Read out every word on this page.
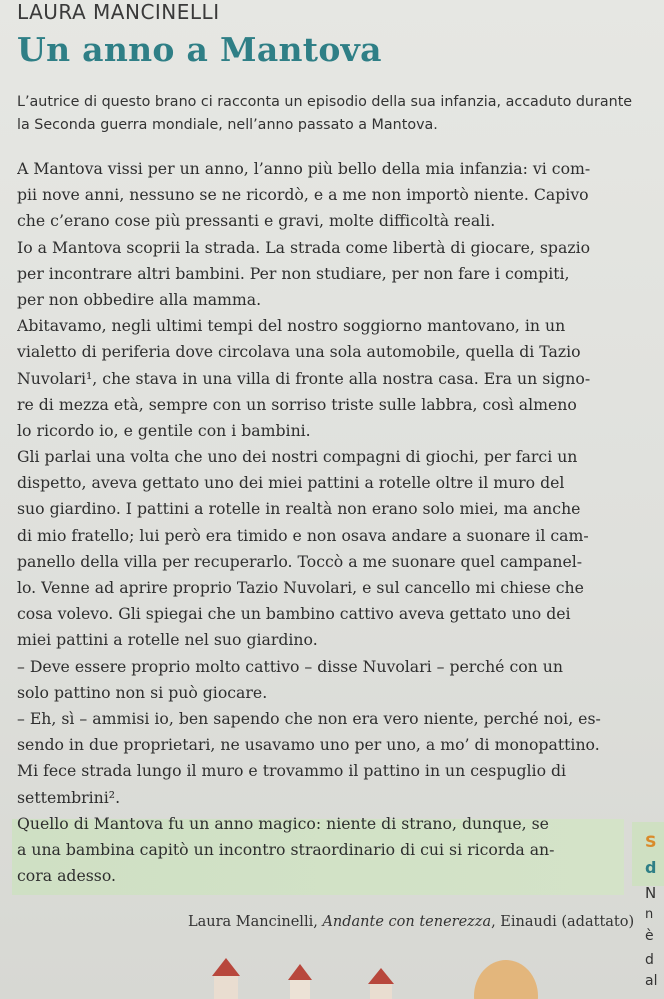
LAURA MANCINELLI
Un anno a Mantova
L’autrice di questo brano ci racconta un episodio della sua infanzia, accaduto durante la Seconda guerra mondiale, nell’anno passato a Mantova.
A Mantova vissi per un anno, l’anno più bello della mia infanzia: vi com-
pii nove anni, nessuno se ne ricordò, e a me non importò niente. Capivo
che c’erano cose più pressanti e gravi, molte difficoltà reali.
Io a Mantova scoprii la strada. La strada come libertà di giocare, spazio
per incontrare altri bambini. Per non studiare, per non fare i compiti,
per non obbedire alla mamma.
Abitavamo, negli ultimi tempi del nostro soggiorno mantovano, in un
vialetto di periferia dove circolava una sola automobile, quella di Tazio
Nuvolari¹, che stava in una villa di fronte alla nostra casa. Era un signo-
re di mezza età, sempre con un sorriso triste sulle labbra, così almeno
lo ricordo io, e gentile con i bambini.
Gli parlai una volta che uno dei nostri compagni di giochi, per farci un
dispetto, aveva gettato uno dei miei pattini a rotelle oltre il muro del
suo giardino. I pattini a rotelle in realtà non erano solo miei, ma anche
di mio fratello; lui però era timido e non osava andare a suonare il cam-
panello della villa per recuperarlo. Toccò a me suonare quel campanel-
lo. Venne ad aprire proprio Tazio Nuvolari, e sul cancello mi chiese che
cosa volevo. Gli spiegai che un bambino cattivo aveva gettato uno dei
miei pattini a rotelle nel suo giardino.
– Deve essere proprio molto cattivo – disse Nuvolari – perché con un
solo pattino non si può giocare.
– Eh, sì – ammisi io, ben sapendo che non era vero niente, perché noi, es-
sendo in due proprietari, ne usavamo uno per uno, a mo’ di monopattino.
Mi fece strada lungo il muro e trovammo il pattino in un cespuglio di
settembrini².
Quello di Mantova fu un anno magico: niente di strano, dunque, se
a una bambina capitò un incontro straordinario di cui si ricorda an-
cora adesso.
Laura Mancinelli, Andante con tenerezza, Einaudi (adattato)
S
d
N
n
è
d
al
